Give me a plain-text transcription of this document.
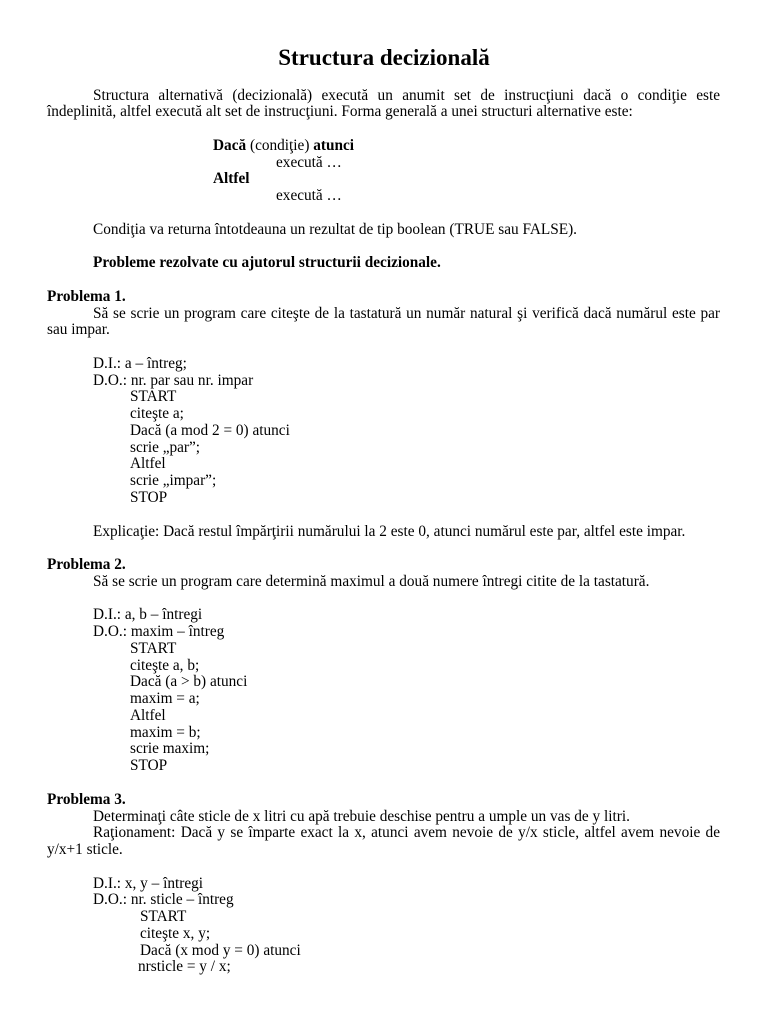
Structura decizională
Structura alternativă (decizională) execută un anumit set de instrucţiuni dacă o condiţie este
îndeplinită, altfel execută alt set de instrucţiuni. Forma generală a unei structuri alternative este:
Dacă (condiţie) atunci
execută …
Altfel
execută …
Condiţia va returna întotdeauna un rezultat de tip boolean (TRUE sau FALSE).
Probleme rezolvate cu ajutorul structurii decizionale.
Problema 1.
Să se scrie un program care citeşte de la tastatură un număr natural şi verifică dacă numărul este par
sau impar.
D.I.: a – întreg;
D.O.: nr. par sau nr. impar
START
citeşte a;
Dacă (a mod 2 = 0) atunci
scrie „par”;
Altfel
scrie „impar”;
STOP
Explicaţie: Dacă restul împărţirii numărului la 2 este 0, atunci numărul este par, altfel este impar.
Problema 2.
Să se scrie un program care determină maximul a două numere întregi citite de la tastatură.
D.I.: a, b – întregi
D.O.: maxim – întreg
START
citeşte a, b;
Dacă (a > b) atunci
maxim = a;
Altfel
maxim = b;
scrie maxim;
STOP
Problema 3.
Determinaţi câte sticle de x litri cu apă trebuie deschise pentru a umple un vas de y litri.
Raţionament: Dacă y se împarte exact la x, atunci avem nevoie de y/x sticle, altfel avem nevoie de
y/x+1 sticle.
D.I.: x, y – întregi
D.O.: nr. sticle – întreg
START
citeşte x, y;
Dacă (x mod y = 0) atunci
nrsticle = y / x;
